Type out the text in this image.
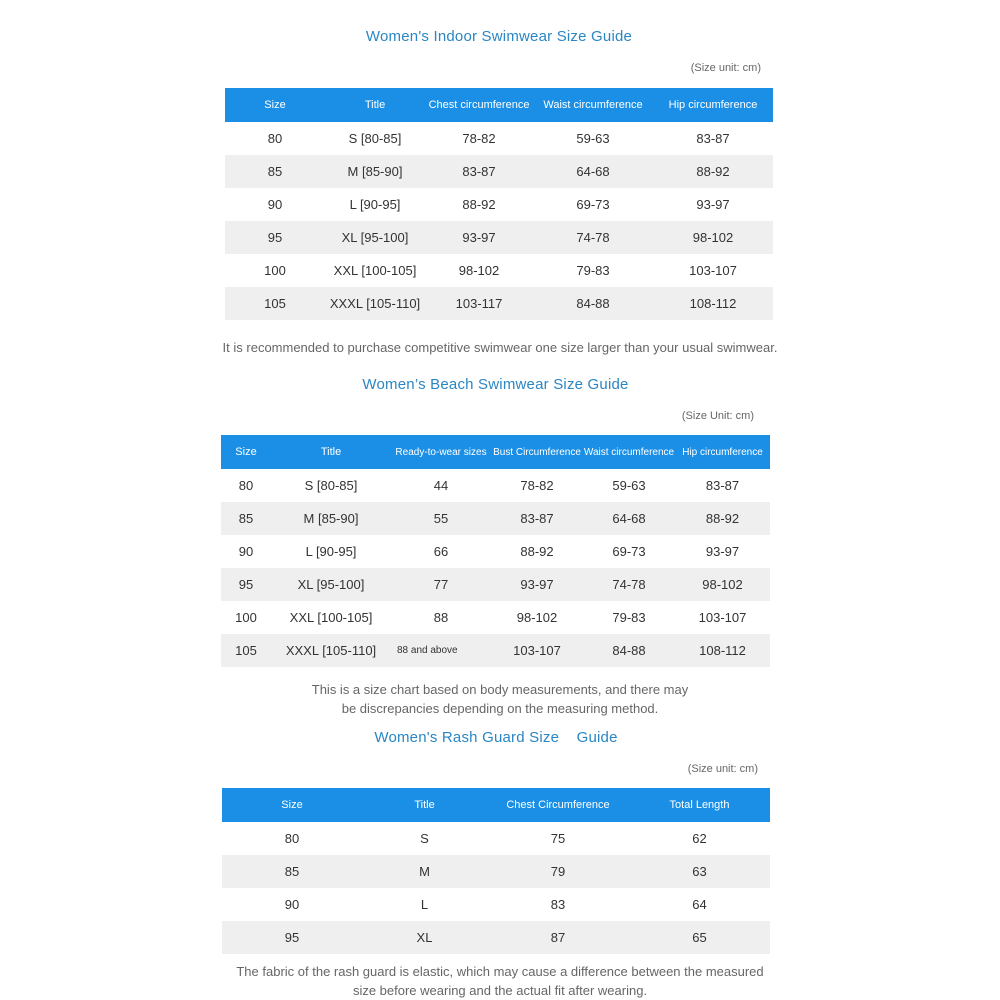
Women's Indoor Swimwear Size Guide
(Size unit: cm)
Size	Title	Chest circumference	Waist circumference	Hip circumference
80	S [80-85]	78-82	59-63	83-87
85	M [85-90]	83-87	64-68	88-92
90	L [90-95]	88-92	69-73	93-97
95	XL [95-100]	93-97	74-78	98-102
100	XXL [100-105]	98-102	79-83	103-107
105	XXXL [105-110]	103-117	84-88	108-112
It is recommended to purchase competitive swimwear one size larger than your usual swimwear.
Women’s Beach Swimwear Size Guide
(Size Unit: cm)
Size	Title	Ready-to-wear sizes	Bust Circumference	Waist circumference	Hip circumference
80	S [80-85]	44	78-82	59-63	83-87
85	M [85-90]	55	83-87	64-68	88-92
90	L [90-95]	66	88-92	69-73	93-97
95	XL [95-100]	77	93-97	74-78	98-102
100	XXL [100-105]	88	98-102	79-83	103-107
105	XXXL [105-110]	88 and above	103-107	84-88	108-112
This is a size chart based on body measurements, and there may
be discrepancies depending on the measuring method.
Women's Rash Guard Size    Guide
(Size unit: cm)
Size	Title	Chest Circumference	Total Length
80	S	75	62
85	M	79	63
90	L	83	64
95	XL	87	65
The fabric of the rash guard is elastic, which may cause a difference between the measured
size before wearing and the actual fit after wearing.
